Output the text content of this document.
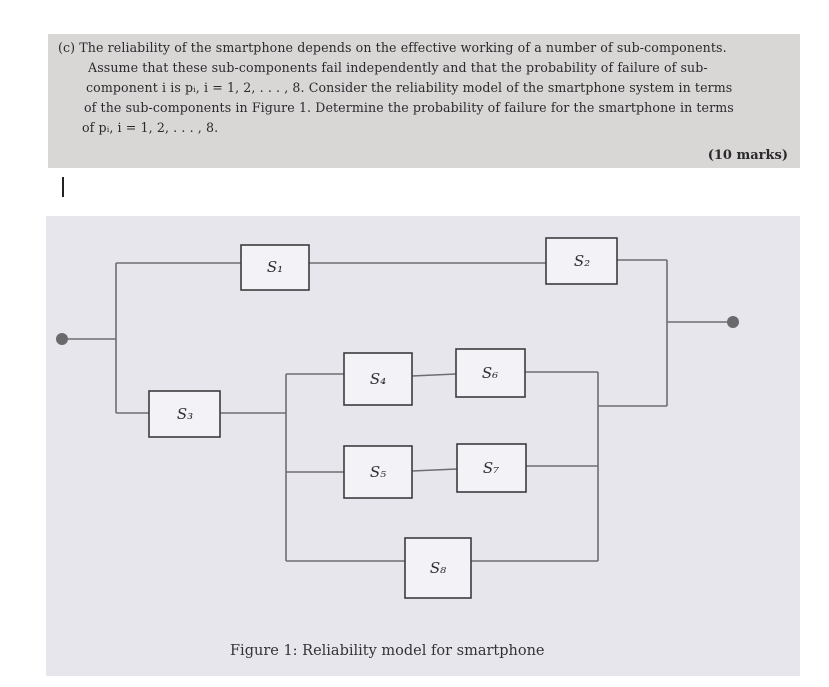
(c) The reliability of the smartphone depends on the effective working of a number of sub-components.
Assume that these sub-components fail independently and that the probability of failure of sub-
component i is pᵢ, i = 1, 2, . . . , 8. Consider the reliability model of the smartphone system in terms
of the sub-components in Figure 1. Determine the probability of failure for the smartphone in terms
of pᵢ, i = 1, 2, . . . , 8.
(10 marks)
S₁	S₂
S₃
S₄
S₅
S₆
S₇
S₈
Figure 1: Reliability model for smartphone
